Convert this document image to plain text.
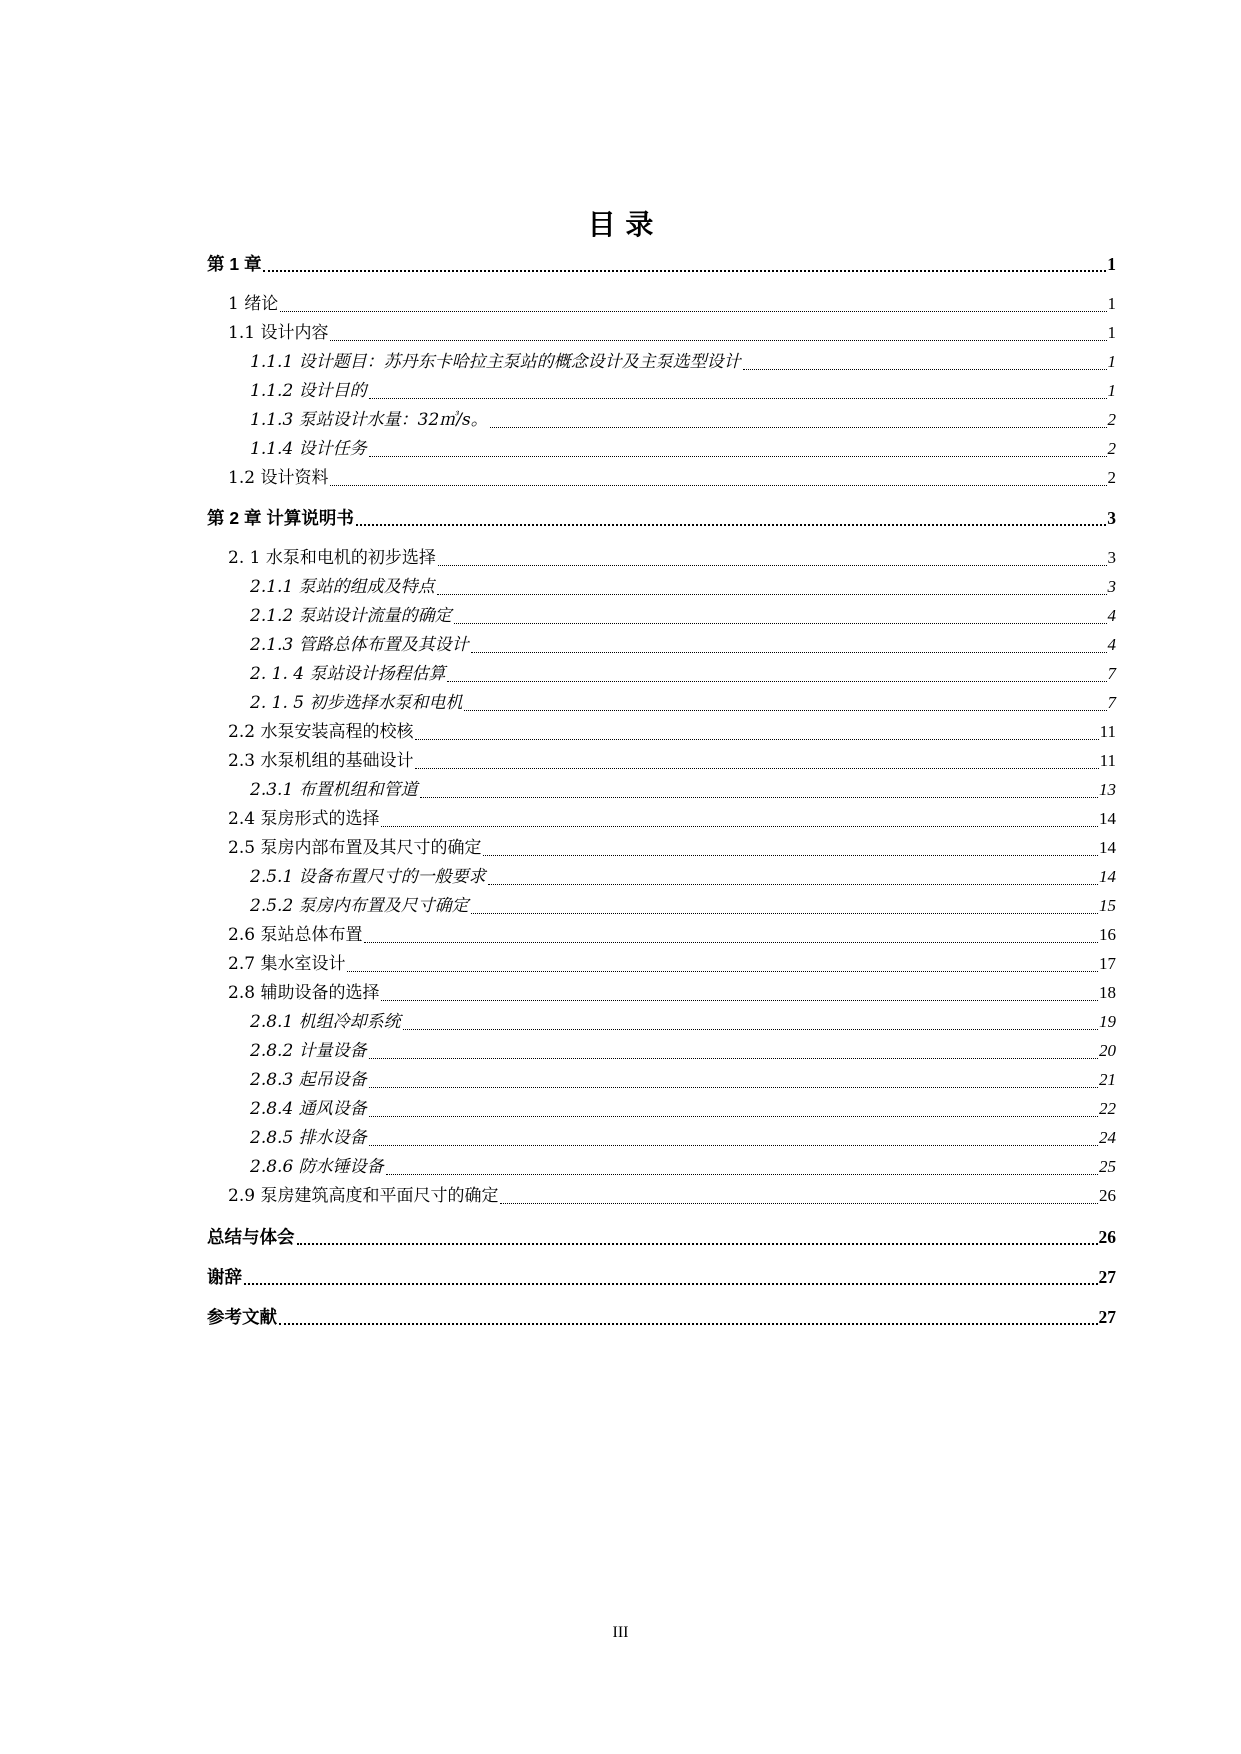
目 录
第 1 章	1
1 绪论	1
1.1 设计内容	1
1.1.1 设计题目：苏丹东卡哈拉主泵站的概念设计及主泵选型设计	1
1.1.2 设计目的	1
1.1.3 泵站设计水量：32㎥/s。	2
1.1.4 设计任务	2
1.2 设计资料	2
第 2 章 计算说明书	3
2. 1 水泵和电机的初步选择	3
2.1.1 泵站的组成及特点	3
2.1.2 泵站设计流量的确定	4
2.1.3 管路总体布置及其设计	4
2. 1. 4 泵站设计扬程估算	7
2. 1. 5 初步选择水泵和电机	7
2.2 水泵安装高程的校核	11
2.3 水泵机组的基础设计	11
2.3.1 布置机组和管道	13
2.4 泵房形式的选择	14
2.5 泵房内部布置及其尺寸的确定	14
2.5.1 设备布置尺寸的一般要求	14
2.5.2 泵房内布置及尺寸确定	15
2.6 泵站总体布置	16
2.7 集水室设计	17
2.8 辅助设备的选择	18
2.8.1 机组冷却系统	19
2.8.2 计量设备	20
2.8.3 起吊设备	21
2.8.4 通风设备	22
2.8.5 排水设备	24
2.8.6 防水锤设备	25
2.9 泵房建筑高度和平面尺寸的确定	26
总结与体会	26
谢辞	27
参考文献	27
III
